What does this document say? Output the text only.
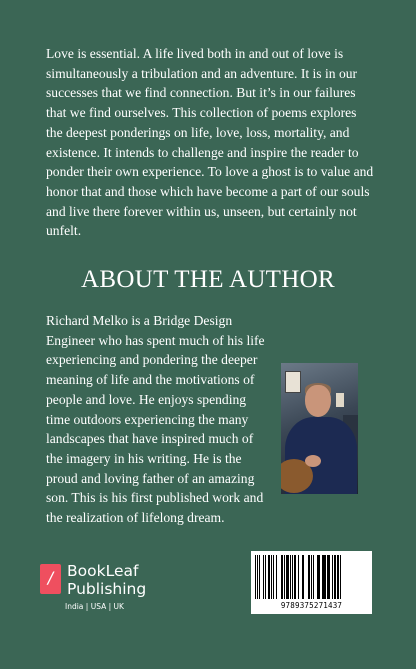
Love is essential. A life lived both in and out of love is simultaneously a tribulation and an adventure. It is in our successes that we find connection. But it’s in our failures that we find ourselves. This collection of poems explores the deepest ponderings on life, love, loss, mortality, and existence. It intends to challenge and inspire the reader to ponder their own experience. To love a ghost is to value and honor that and those which have become a part of our souls and live there forever within us, unseen, but certainly not unfelt.

ABOUT THE AUTHOR

Richard Melko is a Bridge Design Engineer who has spent much of his life experiencing and pondering the deeper meaning of life and the motivations of people and love. He enjoys spending time outdoors experiencing the many landscapes that have inspired much of the imagery in his writing. He is the proud and loving father of an amazing son. This is his first published work and the realization of lifelong dream.

/ BookLeaf
Publishing
India | USA | UK	9789375271437
